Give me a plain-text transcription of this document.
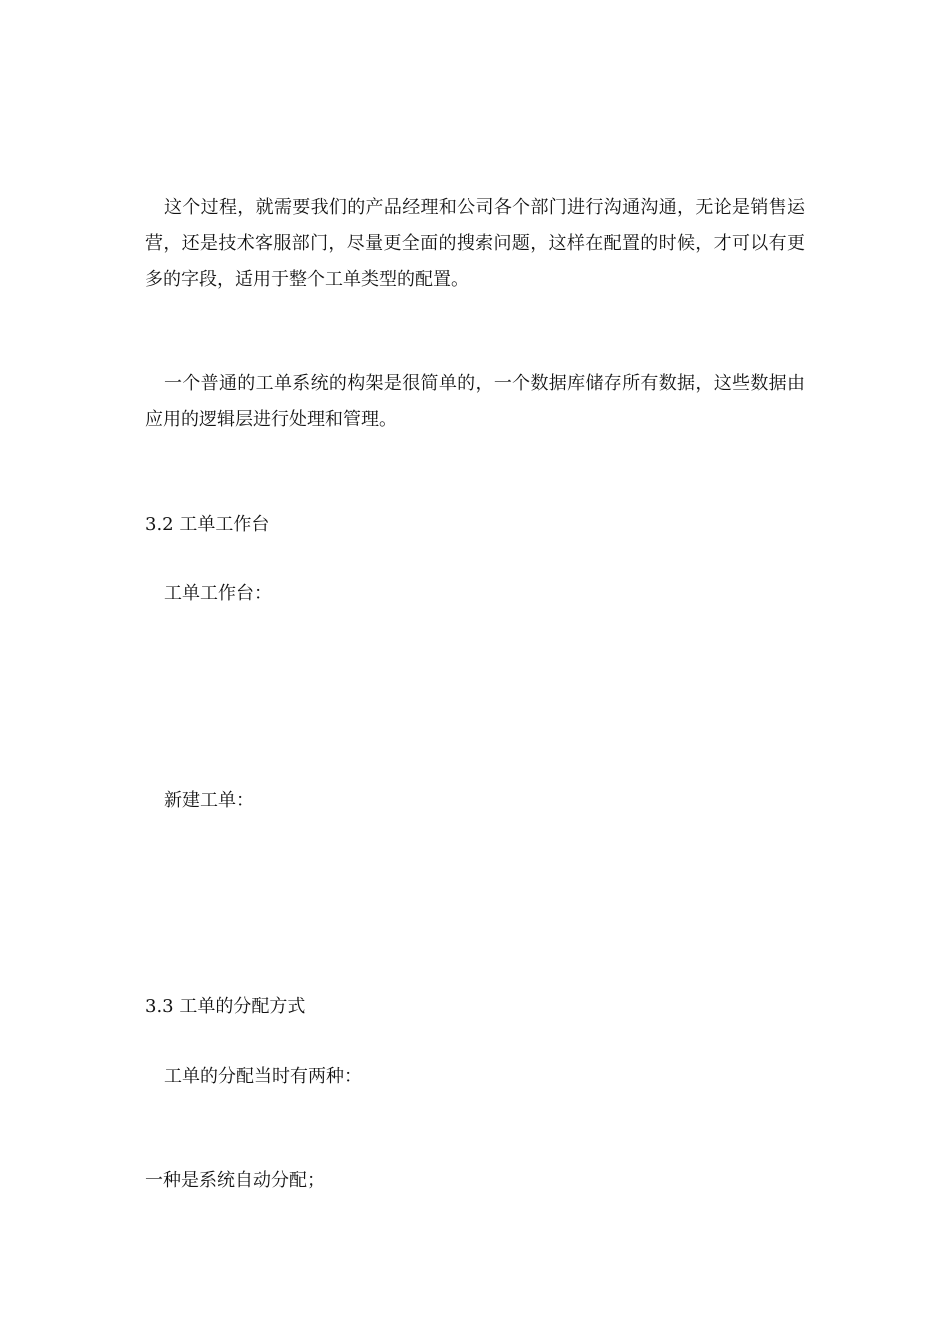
这个过程，就需要我们的产品经理和公司各个部门进行沟通沟通，无论是销售运营，还是技术客服部门，尽量更全面的搜索问题，这样在配置的时候，才可以有更多的字段，适用于整个工单类型的配置。

一个普通的工单系统的构架是很简单的，一个数据库储存所有数据，这些数据由应用的逻辑层进行处理和管理。

3.2 工单工作台
工单工作台：
新建工单：
3.3 工单的分配方式
工单的分配当时有两种：
一种是系统自动分配；
